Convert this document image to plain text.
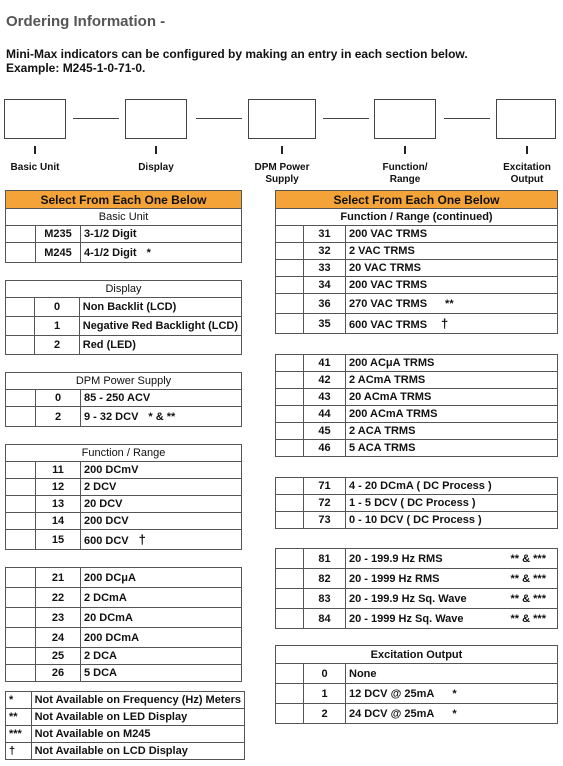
Ordering Information -
Mini-Max indicators can be configured by making an entry in each section below.
Example: M245-1-0-71-0.
Basic Unit	Display	DPM Power
Supply
Function/
Range
Excitation
Output
Select From Each One Below		
Basic Unit		
	M235	3-1/2 Digit
	M245	4-1/2 Digit *
Display		
	0	Non Backlit (LCD)
	1	Negative Red Backlight (LCD)
	2	Red (LED)
DPM Power Supply		
	0	85 - 250 ACV
	2	9 - 32 DCV * & **
Function / Range		
	11	200 DCmV
	12	2 DCV
	13	20 DCV
	14	200 DCV
	15	600 DCV †
	21	200 DCμA
	22	2 DCmA
	23	20 DCmA
	24	200 DCmA
	25	2 DCA
	26	5 DCA
*	Not Available on Frequency (Hz) Meters
**	Not Available on LED Display
***	Not Available on M245
†	Not Available on LCD Display
Select From Each One Below		
Function / Range (continued)		
	31	200 VAC TRMS
	32	2 VAC TRMS
	33	20 VAC TRMS
	34	200 VAC TRMS
	36	270 VAC TRMS **
	35	600 VAC TRMS †
	41	200 ACμA TRMS
	42	2 ACmA TRMS
	43	20 ACmA TRMS
	44	200 ACmA TRMS
	45	2 ACA TRMS
	46	5 ACA TRMS
	71	4 - 20 DCmA ( DC Process )
	72	1 - 5 DCV ( DC Process )
	73	0 - 10 DCV ( DC Process )
	81	20 - 199.9 Hz RMS ** & ***

	82	20 - 1999 Hz RMS ** & ***

	83	20 - 199.9 Hz Sq. Wave ** & ***

	84	20 - 1999 Hz Sq. Wave ** & ***
Excitation Output		
	0	None
	1	12 DCV @ 25mA *
	2	24 DCV @ 25mA *
